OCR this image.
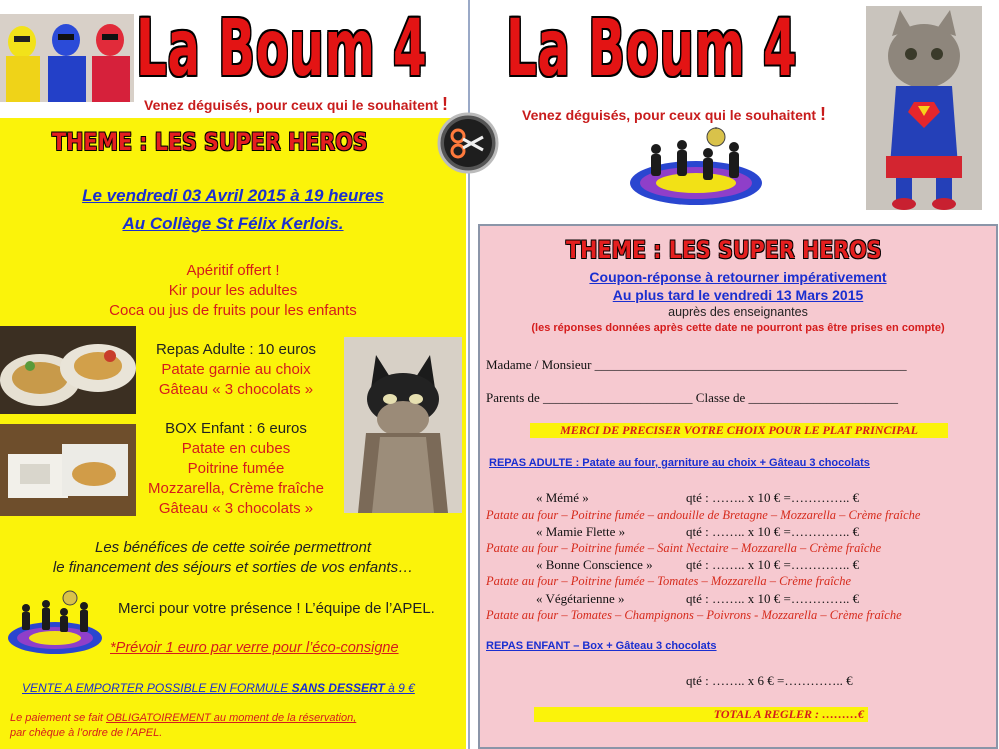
La Boum 4
Venez déguisés, pour ceux qui le souhaitent !
La Boum 4
Venez déguisés, pour ceux qui le souhaitent !
THEME : LES SUPER HEROS
Le vendredi 03 Avril 2015 à 19 heures
Au Collège St Félix Kerlois.
Apéritif offert !
Kir pour les adultes
Coca ou jus de fruits pour les enfants
Repas Adulte : 10 euros
Patate garnie au choix
Gâteau « 3 chocolats »
BOX Enfant : 6 euros
Patate en cubes
Poitrine fumée
Mozzarella, Crème fraîche
Gâteau « 3 chocolats »
Les bénéfices de cette soirée permettront
le financement des séjours et sorties de vos enfants…
Merci pour votre présence ! L’équipe de l’APEL.
*Prévoir 1 euro par verre pour l’éco-consigne
VENTE A EMPORTER POSSIBLE EN FORMULE SANS DESSERT à 9 €
Le paiement se fait OBLIGATOIREMENT au moment de la réservation,
par chèque à l’ordre de l’APEL.
THEME : LES SUPER HEROS
Coupon-réponse à retourner impérativement
Au plus tard le vendredi 13 Mars 2015
auprès des enseignantes
(les réponses données après cette date ne pourront pas être prises en compte)
Madame / Monsieur ________________________________________________
Parents de _______________________ Classe de _______________________
MERCI DE PRECISER VOTRE CHOIX POUR LE PLAT PRINCIPAL
REPAS ADULTE : Patate au four, garniture au choix + Gâteau 3 chocolats
« Mémé »	qté : …….. x 10 € =………….. €
Patate au four – Poitrine fumée – andouille de Bretagne – Mozzarella – Crème fraîche
« Mamie Flette »	qté : …….. x 10 € =………….. €
Patate au four – Poitrine fumée – Saint Nectaire – Mozzarella – Crème fraîche
« Bonne Conscience »	qté : …….. x 10 € =………….. €
Patate au four – Poitrine fumée – Tomates – Mozzarella – Crème fraîche
« Végétarienne »	qté : …….. x 10 € =………….. €
Patate au four – Tomates – Champignons – Poivrons - Mozzarella – Crème fraîche
REPAS ENFANT – Box + Gâteau 3 chocolats
qté : …….. x 6 € =………….. €
TOTAL A REGLER : ………€
